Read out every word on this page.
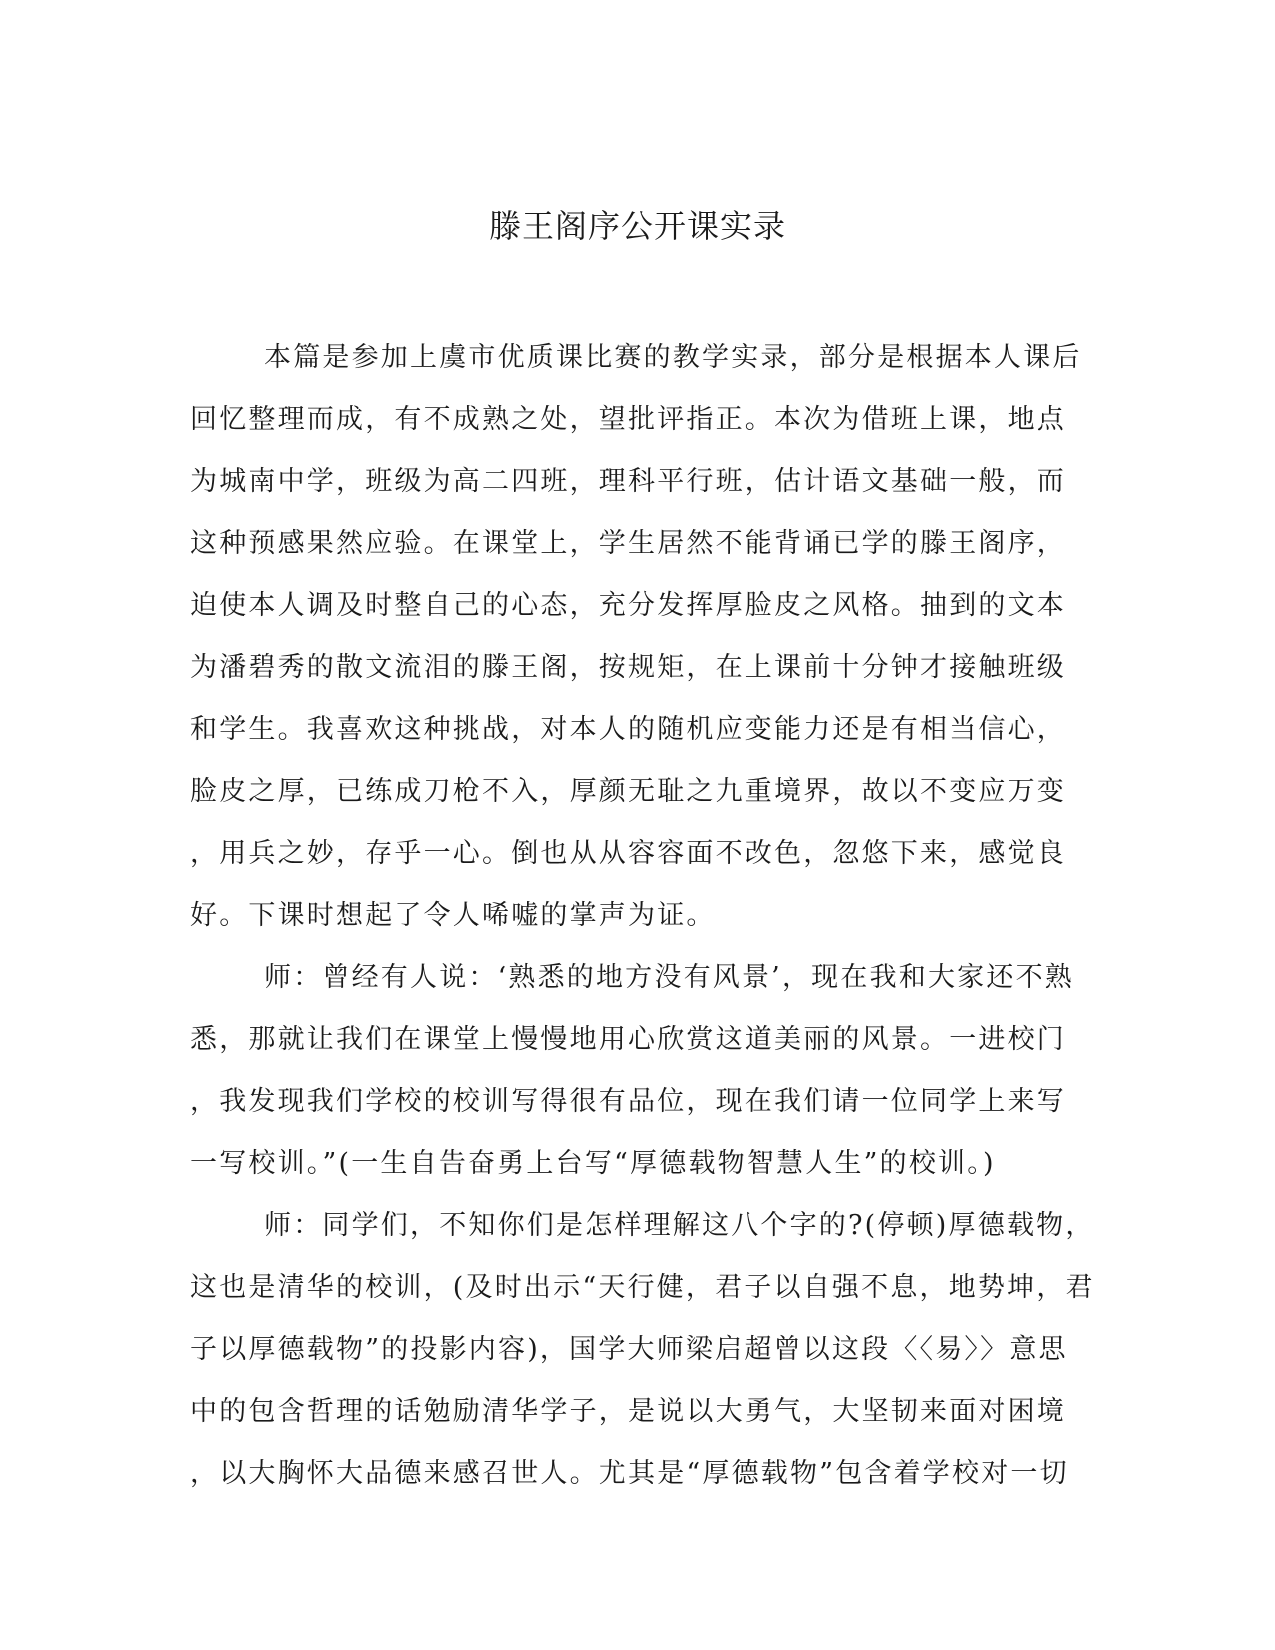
滕王阁序公开课实录
本篇是参加上虞市优质课比赛的教学实录，部分是根据本人课后
回忆整理而成，有不成熟之处，望批评指正。本次为借班上课，地点
为城南中学，班级为高二四班，理科平行班，估计语文基础一般，而
这种预感果然应验。在课堂上，学生居然不能背诵已学的滕王阁序，
迫使本人调及时整自己的心态，充分发挥厚脸皮之风格。抽到的文本
为潘碧秀的散文流泪的滕王阁，按规矩，在上课前十分钟才接触班级
和学生。我喜欢这种挑战，对本人的随机应变能力还是有相当信心，
脸皮之厚，已练成刀枪不入，厚颜无耻之九重境界，故以不变应万变
，用兵之妙，存乎一心。倒也从从容容面不改色，忽悠下来，感觉良
好。下课时想起了令人唏嘘的掌声为证。
师：曾经有人说：‘熟悉的地方没有风景’，现在我和大家还不熟
悉，那就让我们在课堂上慢慢地用心欣赏这道美丽的风景。一进校门
，我发现我们学校的校训写得很有品位，现在我们请一位同学上来写
一写校训。”(一生自告奋勇上台写“厚德载物智慧人生”的校训。)
师：同学们，不知你们是怎样理解这八个字的?(停顿)厚德载物，
这也是清华的校训，(及时出示“天行健，君子以自强不息，地势坤，君
子以厚德载物”的投影内容)，国学大师梁启超曾以这段〈〈易〉〉意思
中的包含哲理的话勉励清华学子，是说以大勇气，大坚韧来面对困境
，以大胸怀大品德来感召世人。尤其是“厚德载物”包含着学校对一切
